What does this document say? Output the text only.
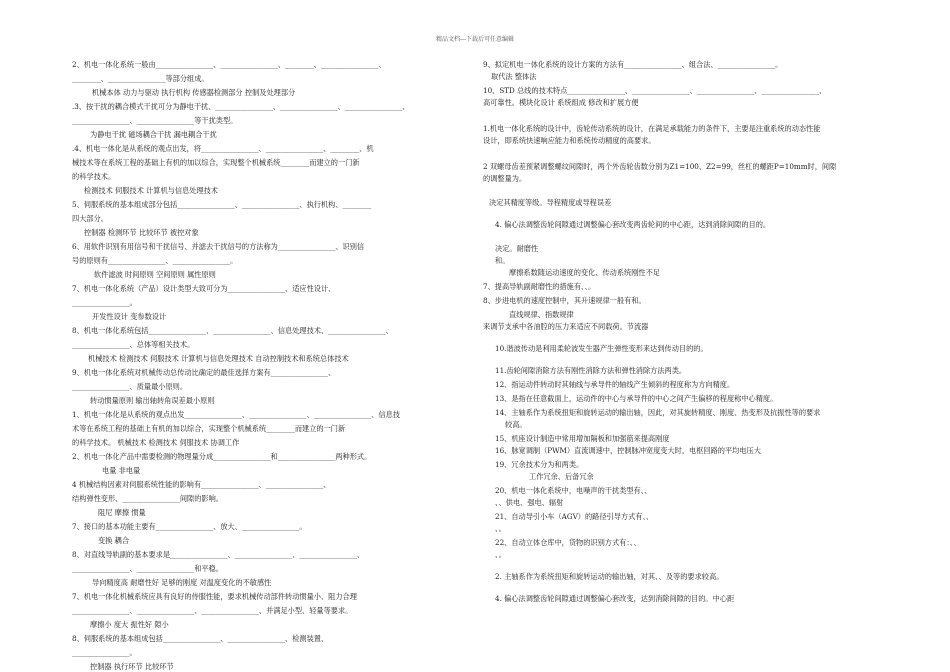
精品文档---下载后可任意编辑
2、机电一体化系统一般由________________、________________、________、________________、
________、________________等部分组成。
机械本体 动力与驱动 执行机构 传感器检测部分 控制及处理部分
.3、按干扰的耦合模式干扰可分为静电干扰、________________、________________、________________、
________________、________________等干扰类型。
为静电干扰 磁场耦合干扰 漏电耦合干扰
.4、机电一体化是从系统的观点出发，将________________、________________、________、机
械技术等在系统工程的基础上有机的加以综合，实现整个机械系统________而建立的一门新
的科学技术。
检测技术 伺服技术 计算机与信息处理技术
5、伺服系统的基本组成部分包括________________、________________、执行机构、________
四大部分。
控制器 检测环节 比较环节 被控对象
6、用软件识别有用信号和干扰信号、并滤去干扰信号的方法称为________________、识别信
号的原则有________________、________________。
软件滤波 时间原则 空间原则 属性原则
7、机电一体化系统（产品）设计类型大致可分为________________、适应性设计、
________________。
开发性设计 变参数设计
8、机电一体化系统包括________________、________________、信息处理技术、________________、
________________、总体等相关技术。
机械技术 检测技术 伺服技术 计算机与信息处理技术 自动控制技术和系统总体技术
9、机电一体化系统对机械传动总传动比确定的最佳选择方案有________________、
________________、质量最小原则。
转动惯量原则 输出轴转角误差最小原则
1、机电一体化是从系统的观点出发________________、________________、________________、信息技
术等在系统工程的基础上有机的加以综合，实现整个机械系统________而建立的一门新
的科学技术。 机械技术 检测技术 伺服技术 协调工作
2、机电一体化产品中需要检测的物理量分成________________和________________两种形式。
电量 非电量
4 机械结构因素对伺服系统性能的影响有________________、________________、
结构弹性变形、________________间隙的影响。
阻尼 摩擦 惯量
7、接口的基本功能主要有________________、放大、________________。
变换 耦合
8、对直线导轨副的基本要求是________________、________________、________________、
________________、________________和平稳。
导向精度高 耐磨性好 足够的刚度 对温度变化的不敏感性
7、机电一体化机械系统应具有良好的侍服性能，要求机械传动部件转动惯量小、阻力合理
________________、________________、________________、并满足小型、轻量等要求。
摩擦小 度大 振性好 隙小
8、伺服系统的基本组成包括________________、________________、检测装置、
________________。
控制器 执行环节 比较环节
9、拟定机电一体化系统的设计方案的方法有________________、组合法、________________。
取代法 整体法
10、STD 总线的技术特点________________、________________、________________、________________、
高可靠性。模块化设计 系统组成 修改和扩展方便
1.机电一体化系统的设计中，齿轮传动系统的设计，在满足承载能力的条件下，主要是注重系统的动态性能
设计，即系统快速响应能力和系统传动精度的高要求。
2 双螺母齿差预紧调整螺纹间隙时，两个外齿轮齿数分别为Z1=100、Z2=99，丝杠的螺距P=10mm时，间隙
的调整量为。
决定其精度等级。导程精度或导程误差
4. 偏心法调整齿轮间隙通过调整偏心套改变两齿轮间的中心距，达到消除间隙的目的。
决定。耐磨性
和。
摩擦系数随运动速度的变化、传动系统刚性不足
7、提高导轨副耐磨性的措施有、、。
8、步进电机的速度控制中，其升速规律一般有和。
直线规律、指数规律
来调节支承中各油腔的压力来适应不同载荷。节流器
10.谐波传动是利用柔轮波发生器产生弹性变形来达到传动目的的。
11.齿轮间隙消除方法有刚性消除方法和弹性消除方法两类。
12、指运动件转动时其轴线与承导件的轴线产生倾斜的程度称为方向精度。
13、是指在任意截面上，运动件的中心与承导件的中心之间产生偏移的程度称中心精度。
14、主轴系作为系统扭矩和旋转运动的输出轴，因此，对其旋转精度、刚度、热变形及抗振性等的要求
较高。
15、机座设计制造中常用增加隔板和加强筋来提高刚度
16、脉宽调制（PWM）直流调速中，控制脉冲宽度变大时，电枢回路的平均电压大
19、冗余技术分为和两类。
工作冗余、后备冗余
20、机电一体化系统中，电噪声的干扰类型有、、
、、供电、强电、辐射
21、自动导引小车（AGV）的路径引导方式有、、
、。
22、自动立体仓库中，货物的识别方式有：、、
、。
2. 主轴系作为系统扭矩和旋转运动的输出轴，对其、、及等的要求较高。
4. 偏心法调整齿轮间隙通过调整偏心套改变，达到消除间隙的目的。中心距
